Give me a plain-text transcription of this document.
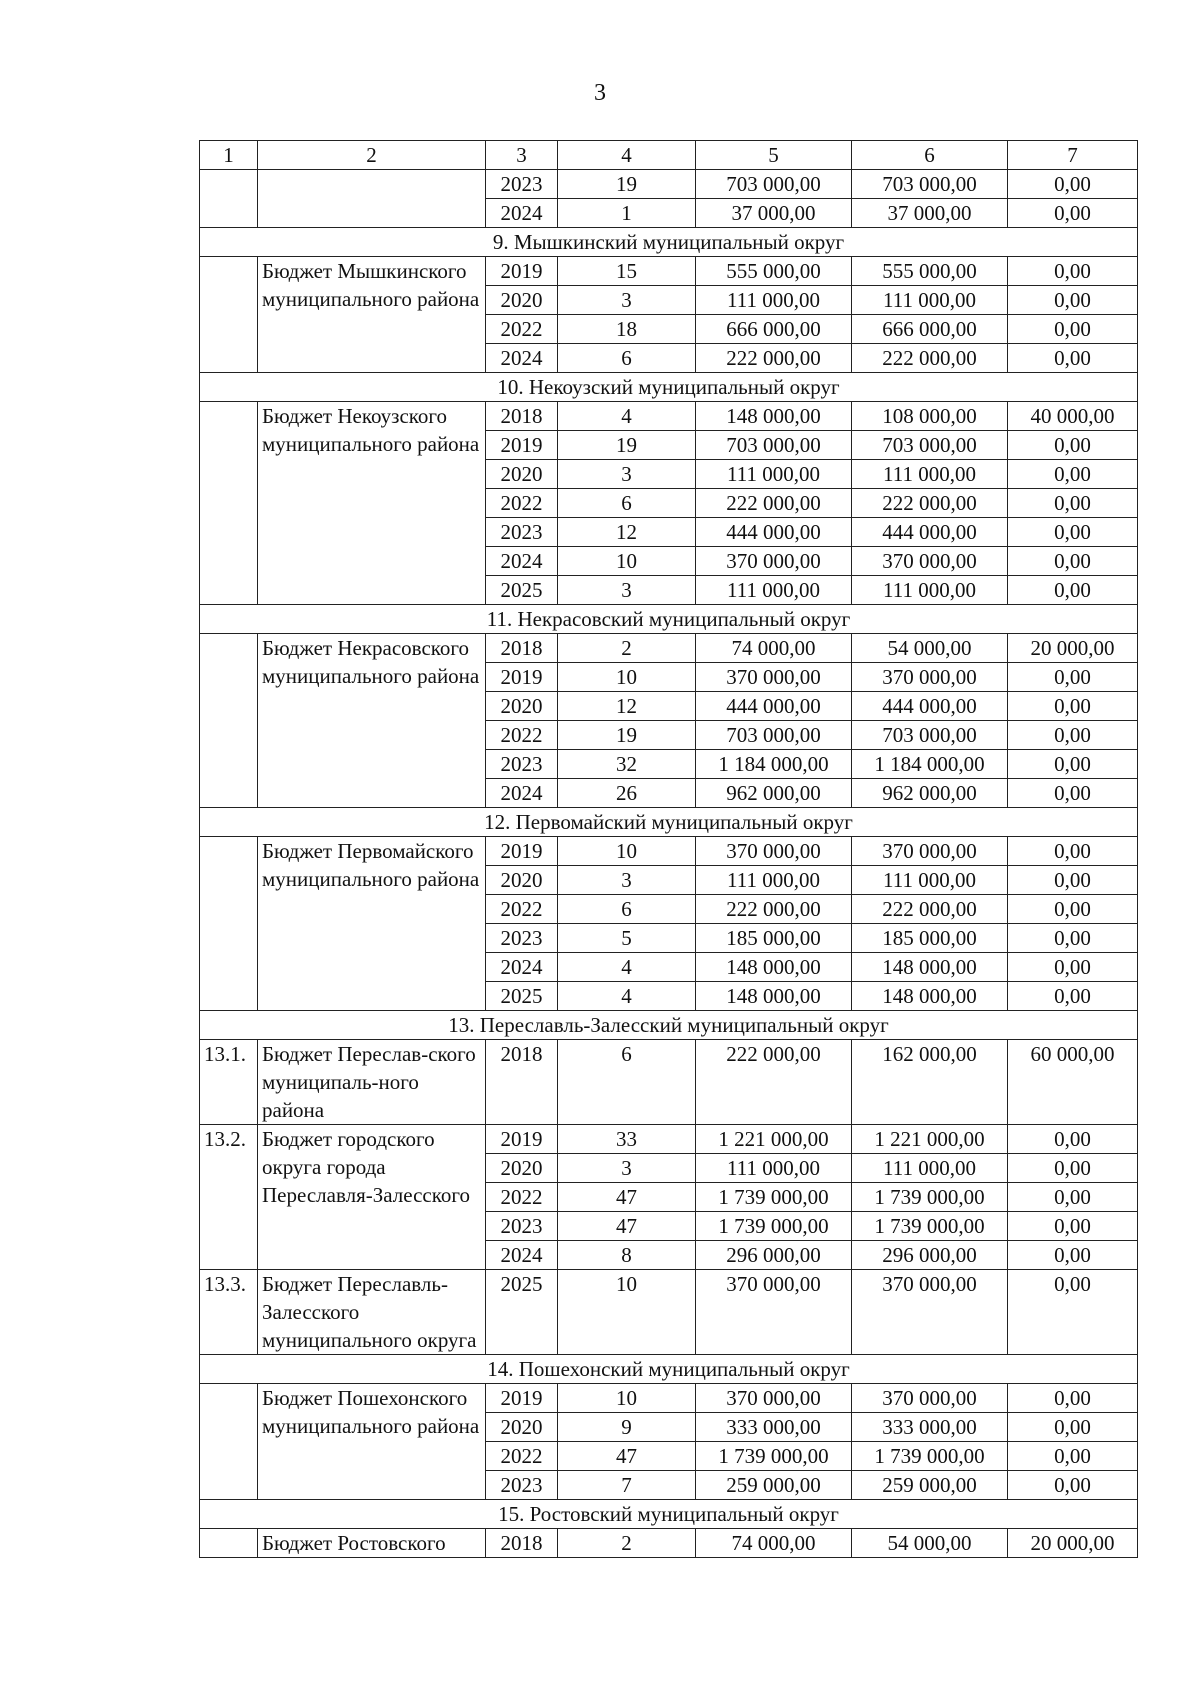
3
1	2	3	4	5	6	7
		2023	19	703 000,00	703 000,00	0,00
		2024	1	37 000,00	37 000,00	0,00
9. Мышкинский муниципальный округ						
	Бюджет Мышкинского муниципального района	2019	15	555 000,00	555 000,00	0,00
		2020	3	111 000,00	111 000,00	0,00
		2022	18	666 000,00	666 000,00	0,00
		2024	6	222 000,00	222 000,00	0,00
10. Некоузский муниципальный округ						
	Бюджет Некоузского муниципального района	2018	4	148 000,00	108 000,00	40 000,00
		2019	19	703 000,00	703 000,00	0,00
		2020	3	111 000,00	111 000,00	0,00
		2022	6	222 000,00	222 000,00	0,00
		2023	12	444 000,00	444 000,00	0,00
		2024	10	370 000,00	370 000,00	0,00
		2025	3	111 000,00	111 000,00	0,00
11. Некрасовский муниципальный округ						
	Бюджет Некрасовского муниципального района	2018	2	74 000,00	54 000,00	20 000,00
		2019	10	370 000,00	370 000,00	0,00
		2020	12	444 000,00	444 000,00	0,00
		2022	19	703 000,00	703 000,00	0,00
		2023	32	1 184 000,00	1 184 000,00	0,00
		2024	26	962 000,00	962 000,00	0,00
12. Первомайский муниципальный округ						
	Бюджет Первомайского муниципального района	2019	10	370 000,00	370 000,00	0,00
		2020	3	111 000,00	111 000,00	0,00
		2022	6	222 000,00	222 000,00	0,00
		2023	5	185 000,00	185 000,00	0,00
		2024	4	148 000,00	148 000,00	0,00
		2025	4	148 000,00	148 000,00	0,00
13. Переславль-Залесский муниципальный округ						
13.1.	Бюджет Переслав-ского муниципаль-ного района	2018	6	222 000,00	162 000,00	60 000,00
13.2.	Бюджет городского округа города Переславля-Залесского	2019	33	1 221 000,00	1 221 000,00	0,00
		2020	3	111 000,00	111 000,00	0,00
		2022	47	1 739 000,00	1 739 000,00	0,00
		2023	47	1 739 000,00	1 739 000,00	0,00
		2024	8	296 000,00	296 000,00	0,00
13.3.	Бюджет Переславль-Залесского муниципального округа	2025	10	370 000,00	370 000,00	0,00
14. Пошехонский муниципальный округ						
	Бюджет Пошехонского муниципального района	2019	10	370 000,00	370 000,00	0,00
		2020	9	333 000,00	333 000,00	0,00
		2022	47	1 739 000,00	1 739 000,00	0,00
		2023	7	259 000,00	259 000,00	0,00
15. Ростовский муниципальный округ						
	Бюджет Ростовского	2018	2	74 000,00	54 000,00	20 000,00
